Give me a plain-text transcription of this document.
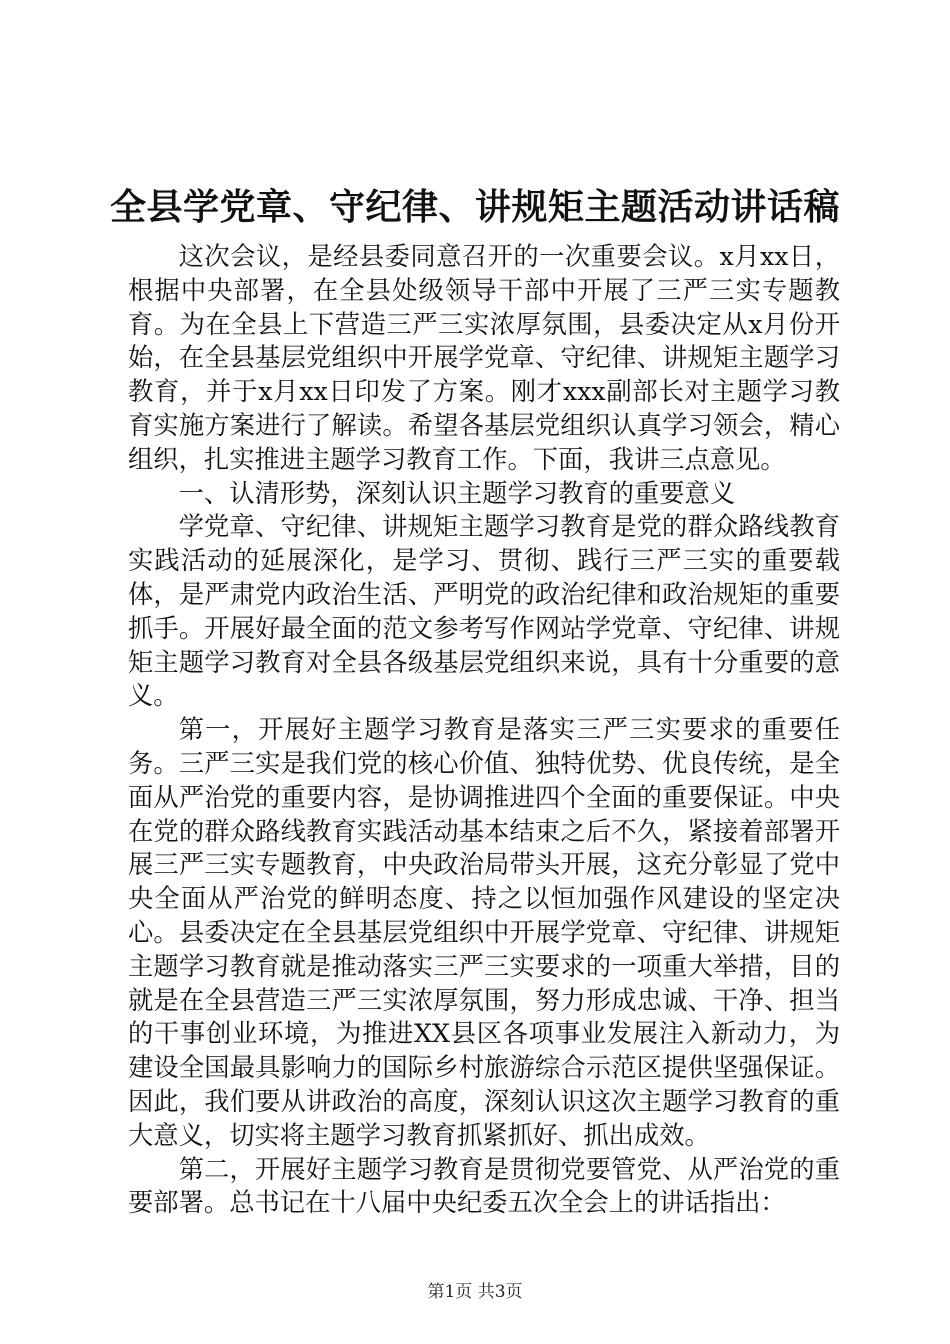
全县学党章、守纪律、讲规矩主题活动讲话稿

这次会议，是经县委同意召开的一次重要会议。x月xx日，根据中央部署，在全县处级领导干部中开展了三严三实专题教育。为在全县上下营造三严三实浓厚氛围，县委决定从x月份开始，在全县基层党组织中开展学党章、守纪律、讲规矩主题学习教育，并于x月xx日印发了方案。刚才xxx副部长对主题学习教育实施方案进行了解读。希望各基层党组织认真学习领会，精心组织，扎实推进主题学习教育工作。下面，我讲三点意见。

一、认清形势，深刻认识主题学习教育的重要意义

学党章、守纪律、讲规矩主题学习教育是党的群众路线教育实践活动的延展深化，是学习、贯彻、践行三严三实的重要载体，是严肃党内政治生活、严明党的政治纪律和政治规矩的重要抓手。开展好最全面的范文参考写作网站学党章、守纪律、讲规矩主题学习教育对全县各级基层党组织来说，具有十分重要的意义。

第一，开展好主题学习教育是落实三严三实要求的重要任务。三严三实是我们党的核心价值、独特优势、优良传统，是全面从严治党的重要内容，是协调推进四个全面的重要保证。中央在党的群众路线教育实践活动基本结束之后不久，紧接着部署开展三严三实专题教育，中央政治局带头开展，这充分彰显了党中央全面从严治党的鲜明态度、持之以恒加强作风建设的坚定决心。县委决定在全县基层党组织中开展学党章、守纪律、讲规矩主题学习教育就是推动落实三严三实要求的一项重大举措，目的就是在全县营造三严三实浓厚氛围，努力形成忠诚、干净、担当的干事创业环境，为推进XX县区各项事业发展注入新动力，为建设全国最具影响力的国际乡村旅游综合示范区提供坚强保证。因此，我们要从讲政治的高度，深刻认识这次主题学习教育的重大意义，切实将主题学习教育抓紧抓好、抓出成效。

第二，开展好主题学习教育是贯彻党要管党、从严治党的重要部署。总书记在十八届中央纪委五次全会上的讲话指出：

第1页 共3页
